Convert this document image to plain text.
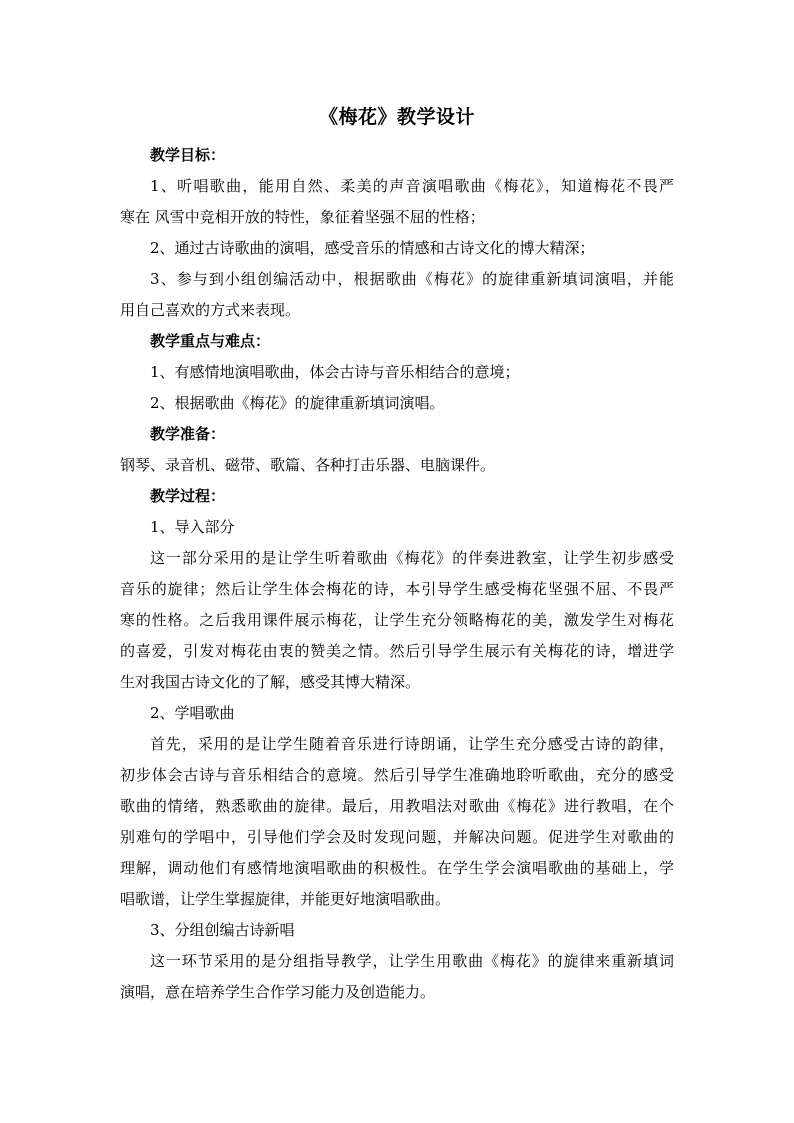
《梅花》教学设计
教学目标：
1、听唱歌曲，能用自然、柔美的声音演唱歌曲《梅花》，知道梅花不畏严
寒在 风雪中竞相开放的特性，象征着坚强不屈的性格；
2、通过古诗歌曲的演唱，感受音乐的情感和古诗文化的博大精深；
3、参与到小组创编活动中，根据歌曲《梅花》的旋律重新填词演唱，并能
用自己喜欢的方式来表现。
教学重点与难点：
1、有感情地演唱歌曲，体会古诗与音乐相结合的意境；
2、根据歌曲《梅花》的旋律重新填词演唱。
教学准备：
钢琴、录音机、磁带、歌篇、各种打击乐器、电脑课件。
教学过程：
1、导入部分
这一部分采用的是让学生听着歌曲《梅花》的伴奏进教室，让学生初步感受
音乐的旋律；然后让学生体会梅花的诗，本引导学生感受梅花坚强不屈、不畏严
寒的性格。之后我用课件展示梅花，让学生充分领略梅花的美，激发学生对梅花
的喜爱，引发对梅花由衷的赞美之情。然后引导学生展示有关梅花的诗，增进学
生对我国古诗文化的了解，感受其博大精深。
2、学唱歌曲
首先，采用的是让学生随着音乐进行诗朗诵，让学生充分感受古诗的韵律，
初步体会古诗与音乐相结合的意境。然后引导学生准确地聆听歌曲，充分的感受
歌曲的情绪，熟悉歌曲的旋律。最后，用教唱法对歌曲《梅花》进行教唱，在个
别难句的学唱中，引导他们学会及时发现问题，并解决问题。促进学生对歌曲的
理解，调动他们有感情地演唱歌曲的积极性。在学生学会演唱歌曲的基础上，学
唱歌谱，让学生掌握旋律，并能更好地演唱歌曲。
3、分组创编古诗新唱
这一环节采用的是分组指导教学，让学生用歌曲《梅花》的旋律来重新填词
演唱，意在培养学生合作学习能力及创造能力。
